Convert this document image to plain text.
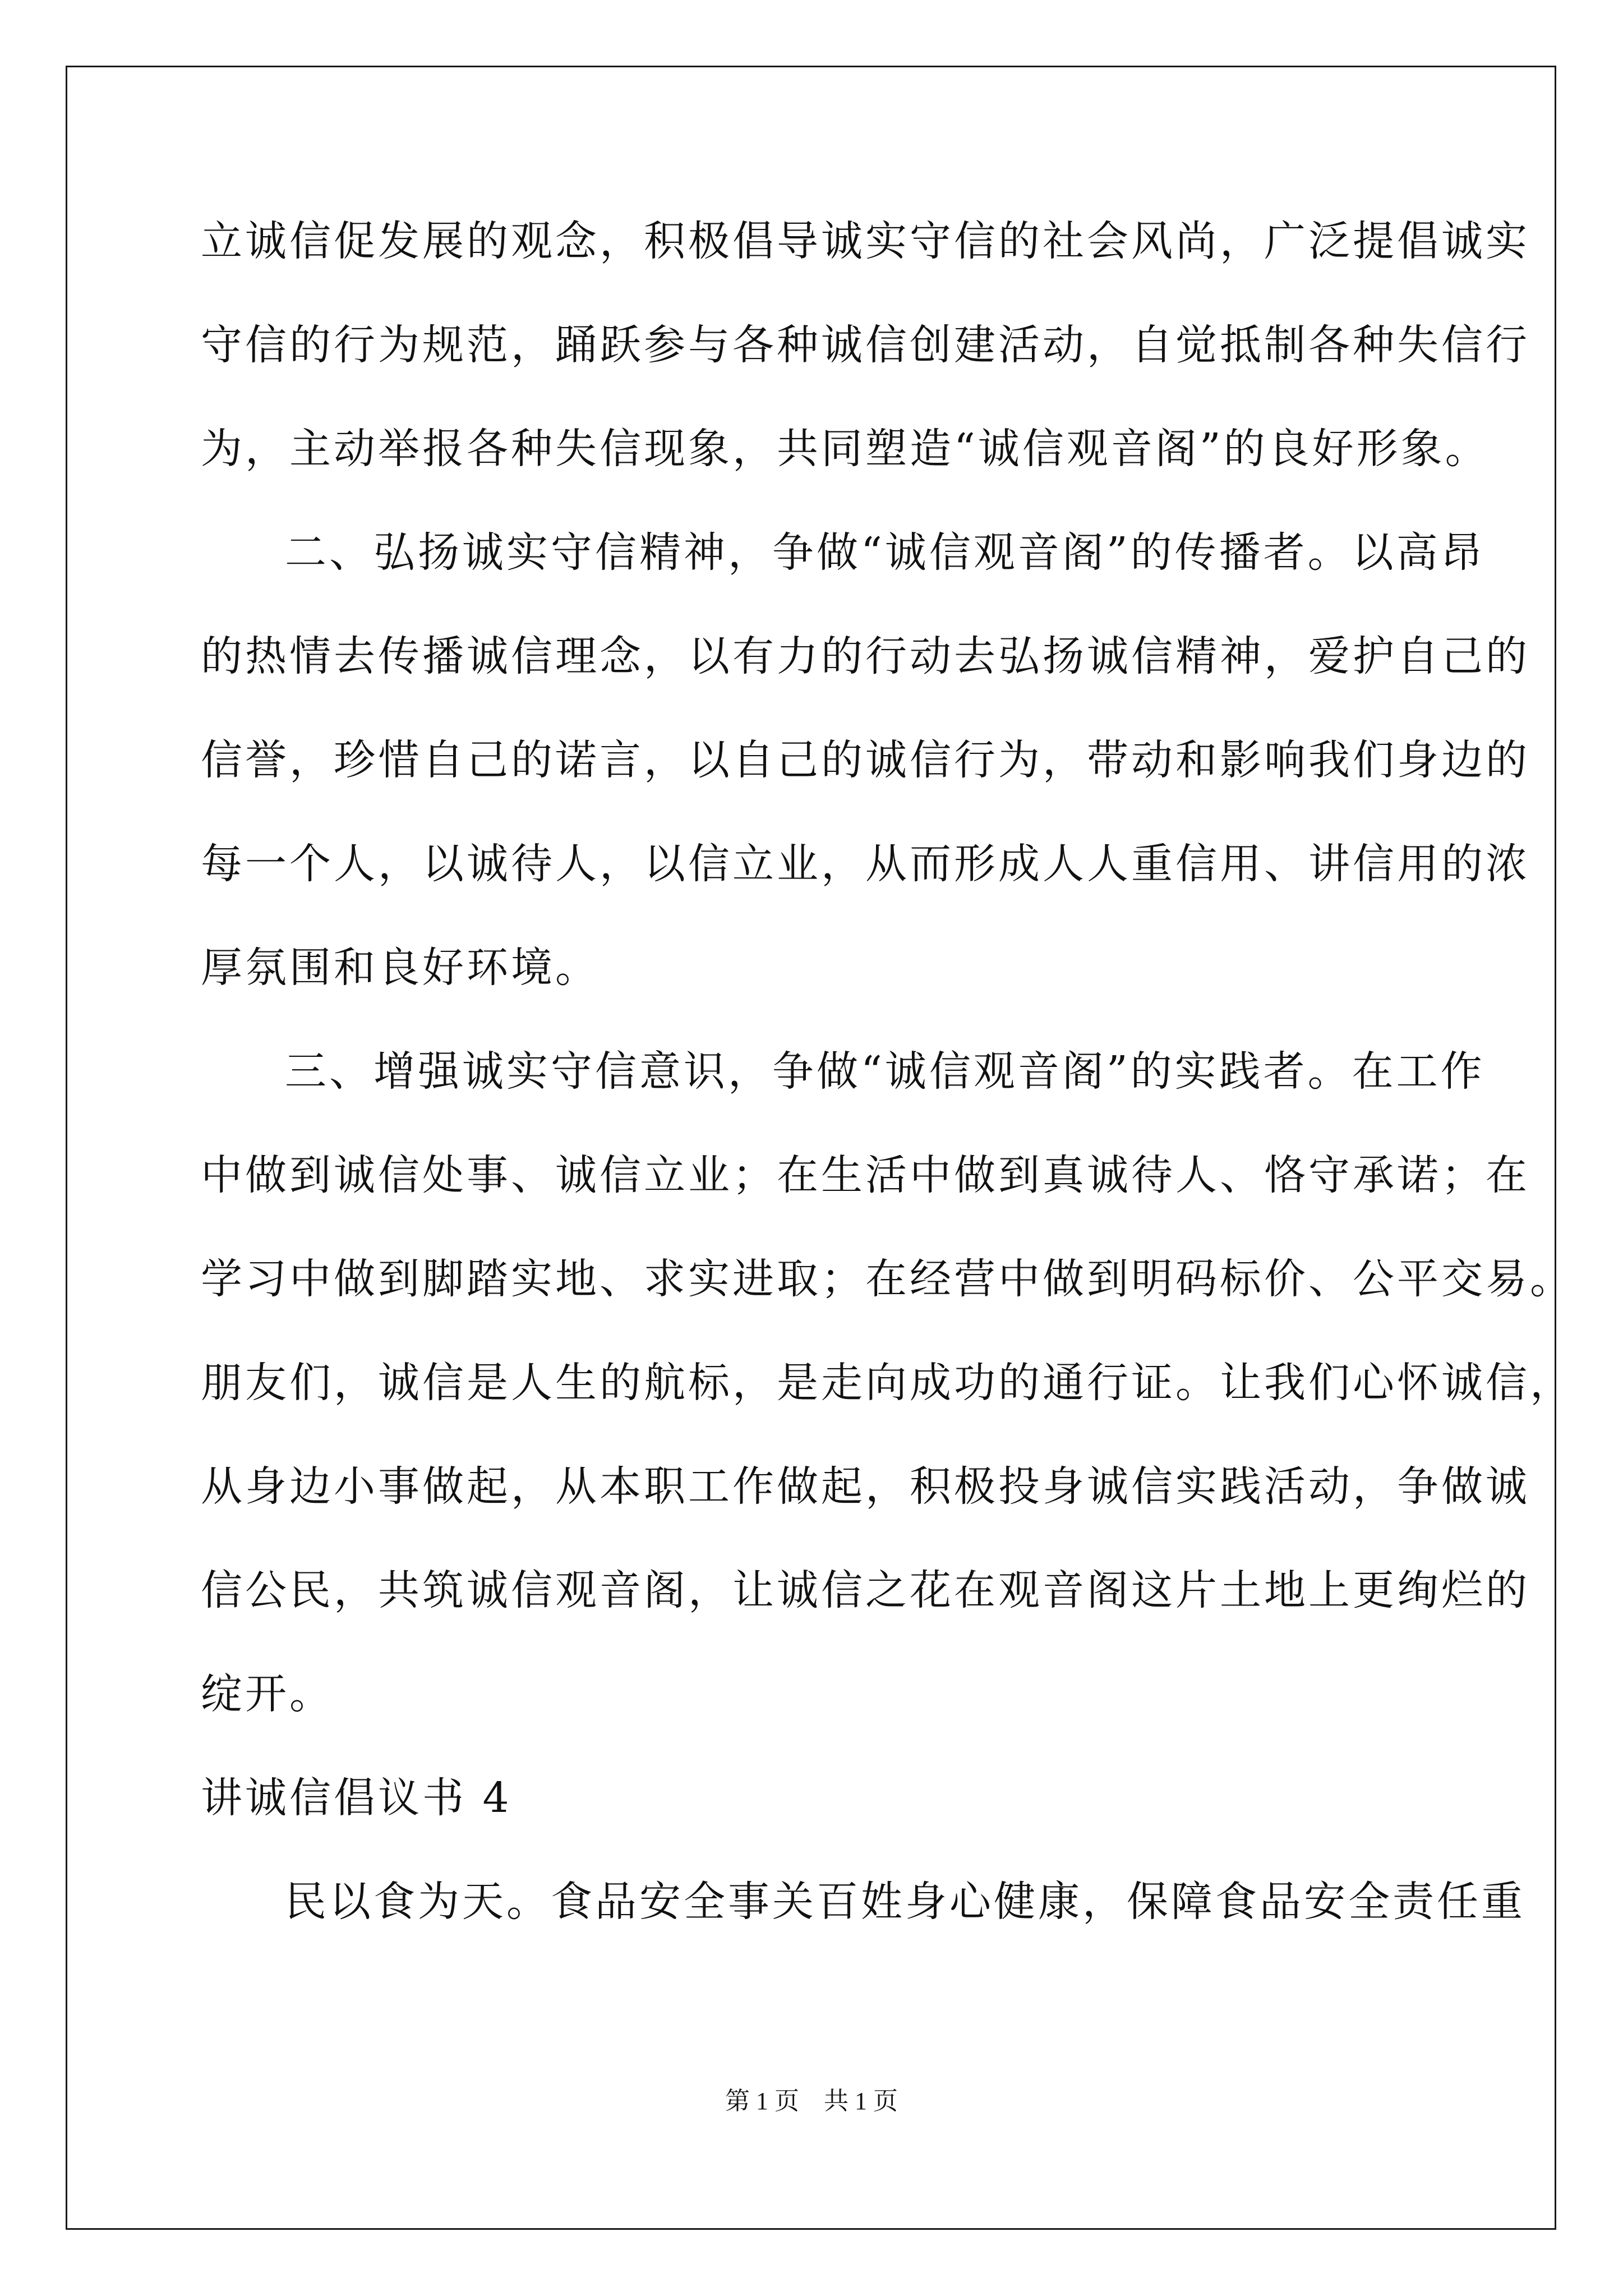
立诚信促发展的观念，积极倡导诚实守信的社会风尚，广泛提倡诚实
守信的行为规范，踊跃参与各种诚信创建活动，自觉抵制各种失信行
为，主动举报各种失信现象，共同塑造“诚信观音阁”的良好形象。
二、弘扬诚实守信精神，争做“诚信观音阁”的传播者。以高昂
的热情去传播诚信理念，以有力的行动去弘扬诚信精神，爱护自己的
信誉，珍惜自己的诺言，以自己的诚信行为，带动和影响我们身边的
每一个人，以诚待人，以信立业，从而形成人人重信用、讲信用的浓
厚氛围和良好环境。
三、增强诚实守信意识，争做“诚信观音阁”的实践者。在工作
中做到诚信处事、诚信立业；在生活中做到真诚待人、恪守承诺；在
学习中做到脚踏实地、求实进取；在经营中做到明码标价、公平交易。
朋友们，诚信是人生的航标，是走向成功的通行证。让我们心怀诚信，
从身边小事做起，从本职工作做起，积极投身诚信实践活动，争做诚
信公民，共筑诚信观音阁，让诚信之花在观音阁这片土地上更绚烂的
绽开。
讲诚信倡议书 4
民以食为天。食品安全事关百姓身心健康，保障食品安全责任重
第 1 页　共 1 页
